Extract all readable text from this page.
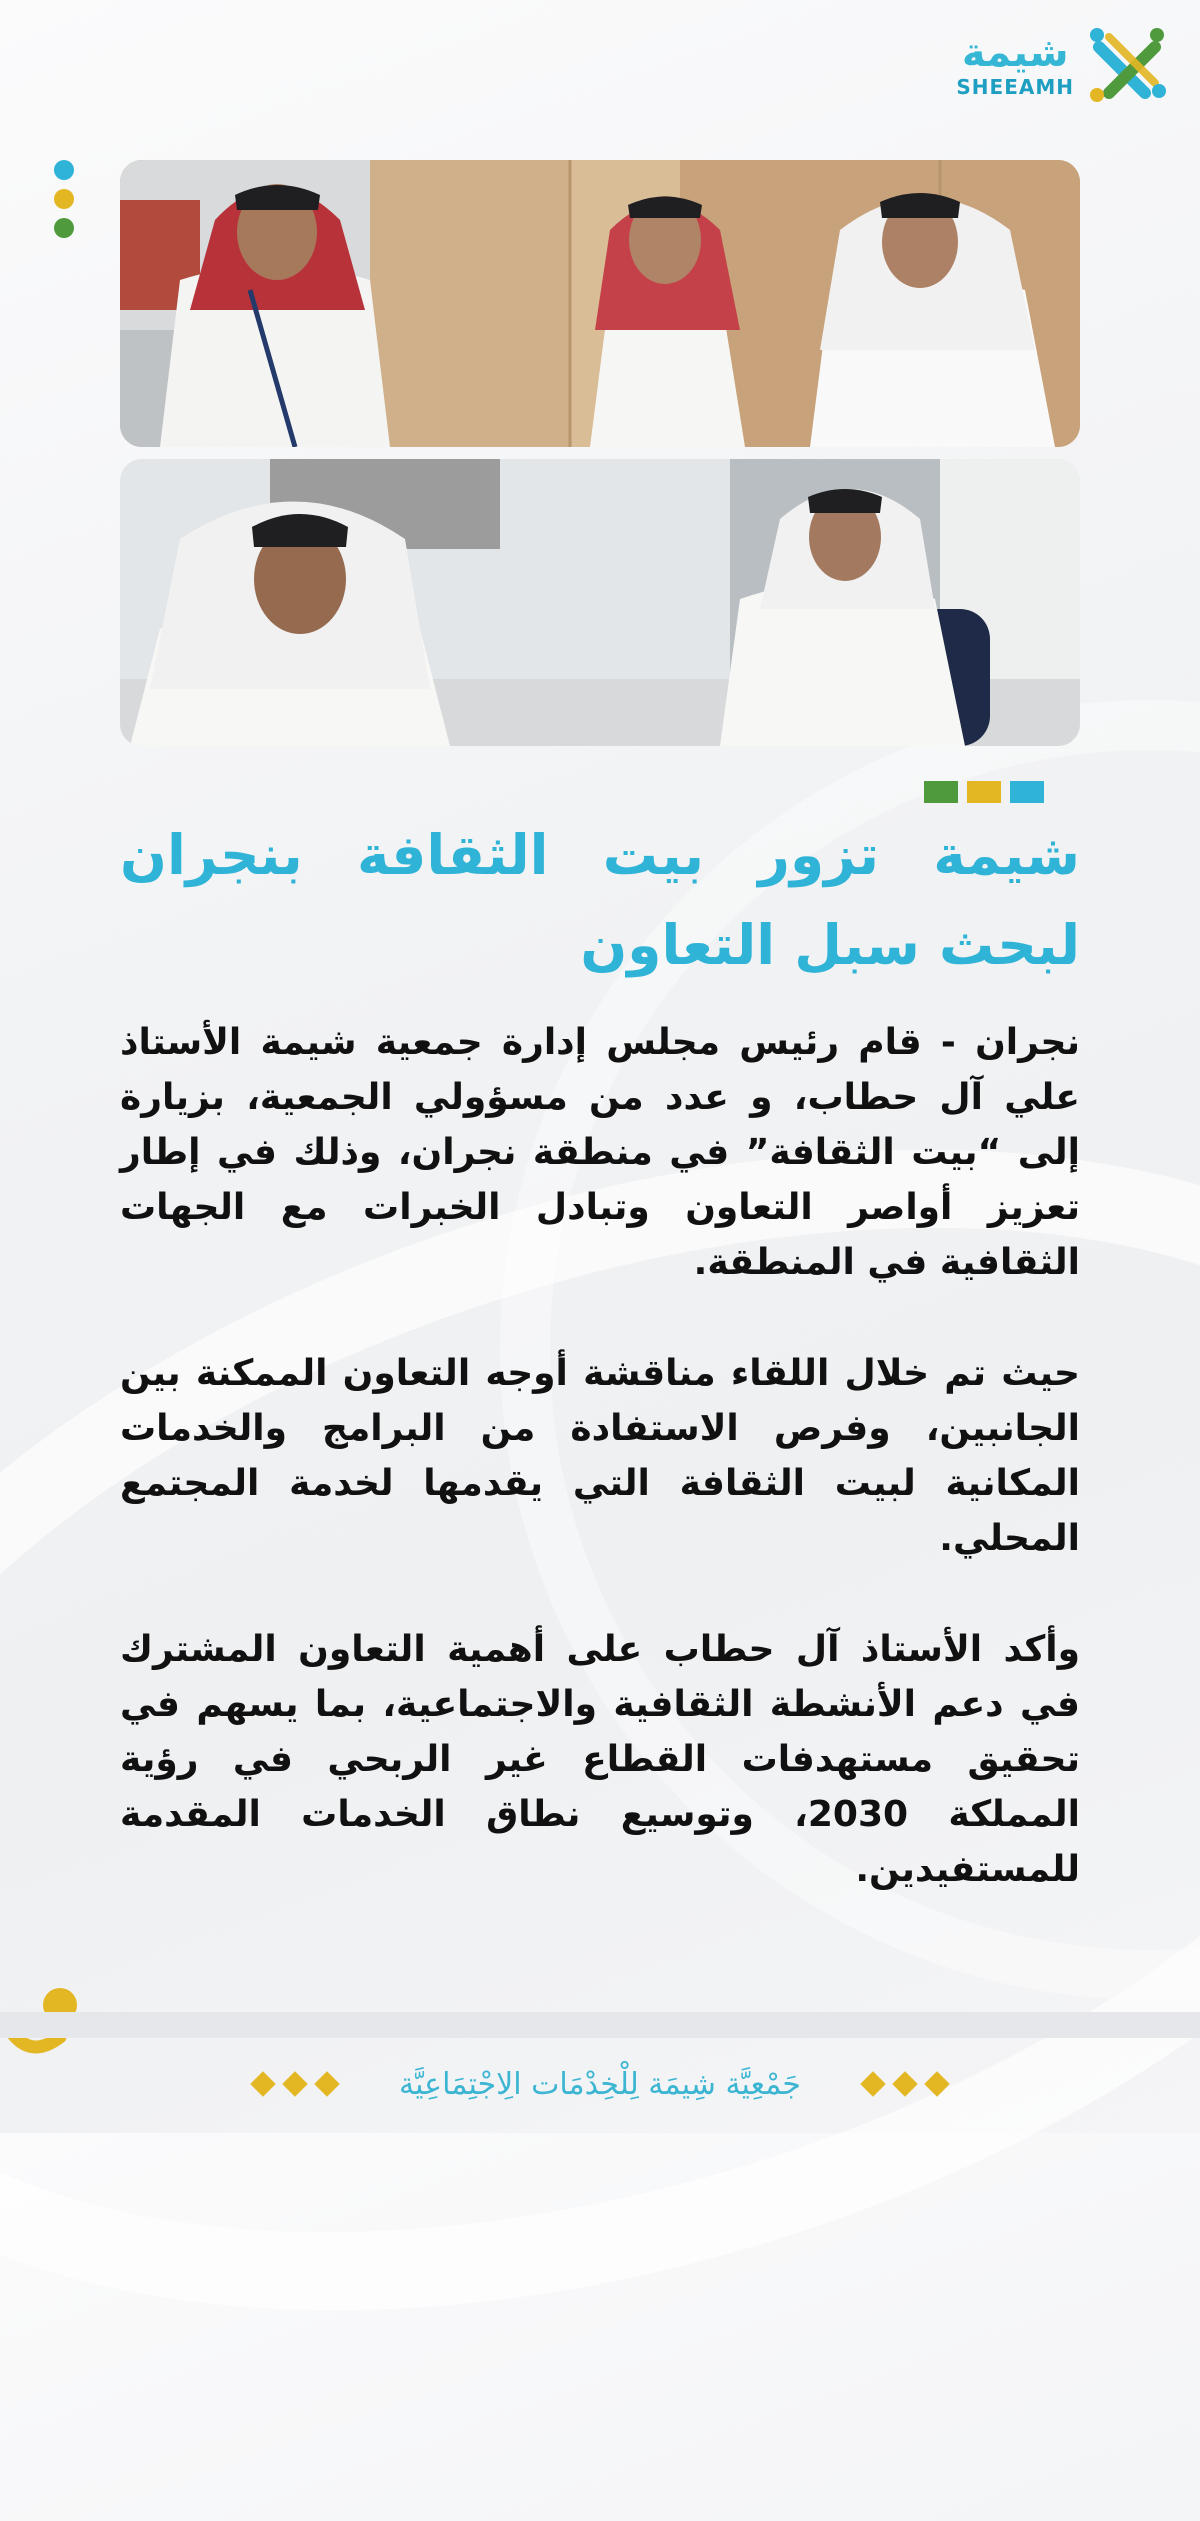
شيمة
SHEEAMH
شيمة تزور بيت الثقافة بنجران لبحث سبل التعاون

نجران - قام رئيس مجلس إدارة جمعية شيمة الأستاذ علي آل حطاب، و عدد من مسؤولي الجمعية، بزيارة إلى “بيت الثقافة” في منطقة نجران، وذلك في إطار تعزيز أواصر التعاون وتبادل الخبرات مع الجهات الثقافية في المنطقة.

حيث تم خلال اللقاء مناقشة أوجه التعاون الممكنة بين الجانبين، وفرص الاستفادة من البرامج والخدمات المكانية لبيت الثقافة التي يقدمها لخدمة المجتمع المحلي.

وأكد الأستاذ آل حطاب على أهمية التعاون المشترك في دعم الأنشطة الثقافية والاجتماعية، بما يسهم في تحقيق مستهدفات القطاع غير الربحي في رؤية المملكة 2030، وتوسيع نطاق الخدمات المقدمة للمستفيدين.

جَمْعِيَّة شِيمَة لِلْخِدْمَات الِاجْتِمَاعِيَّة
